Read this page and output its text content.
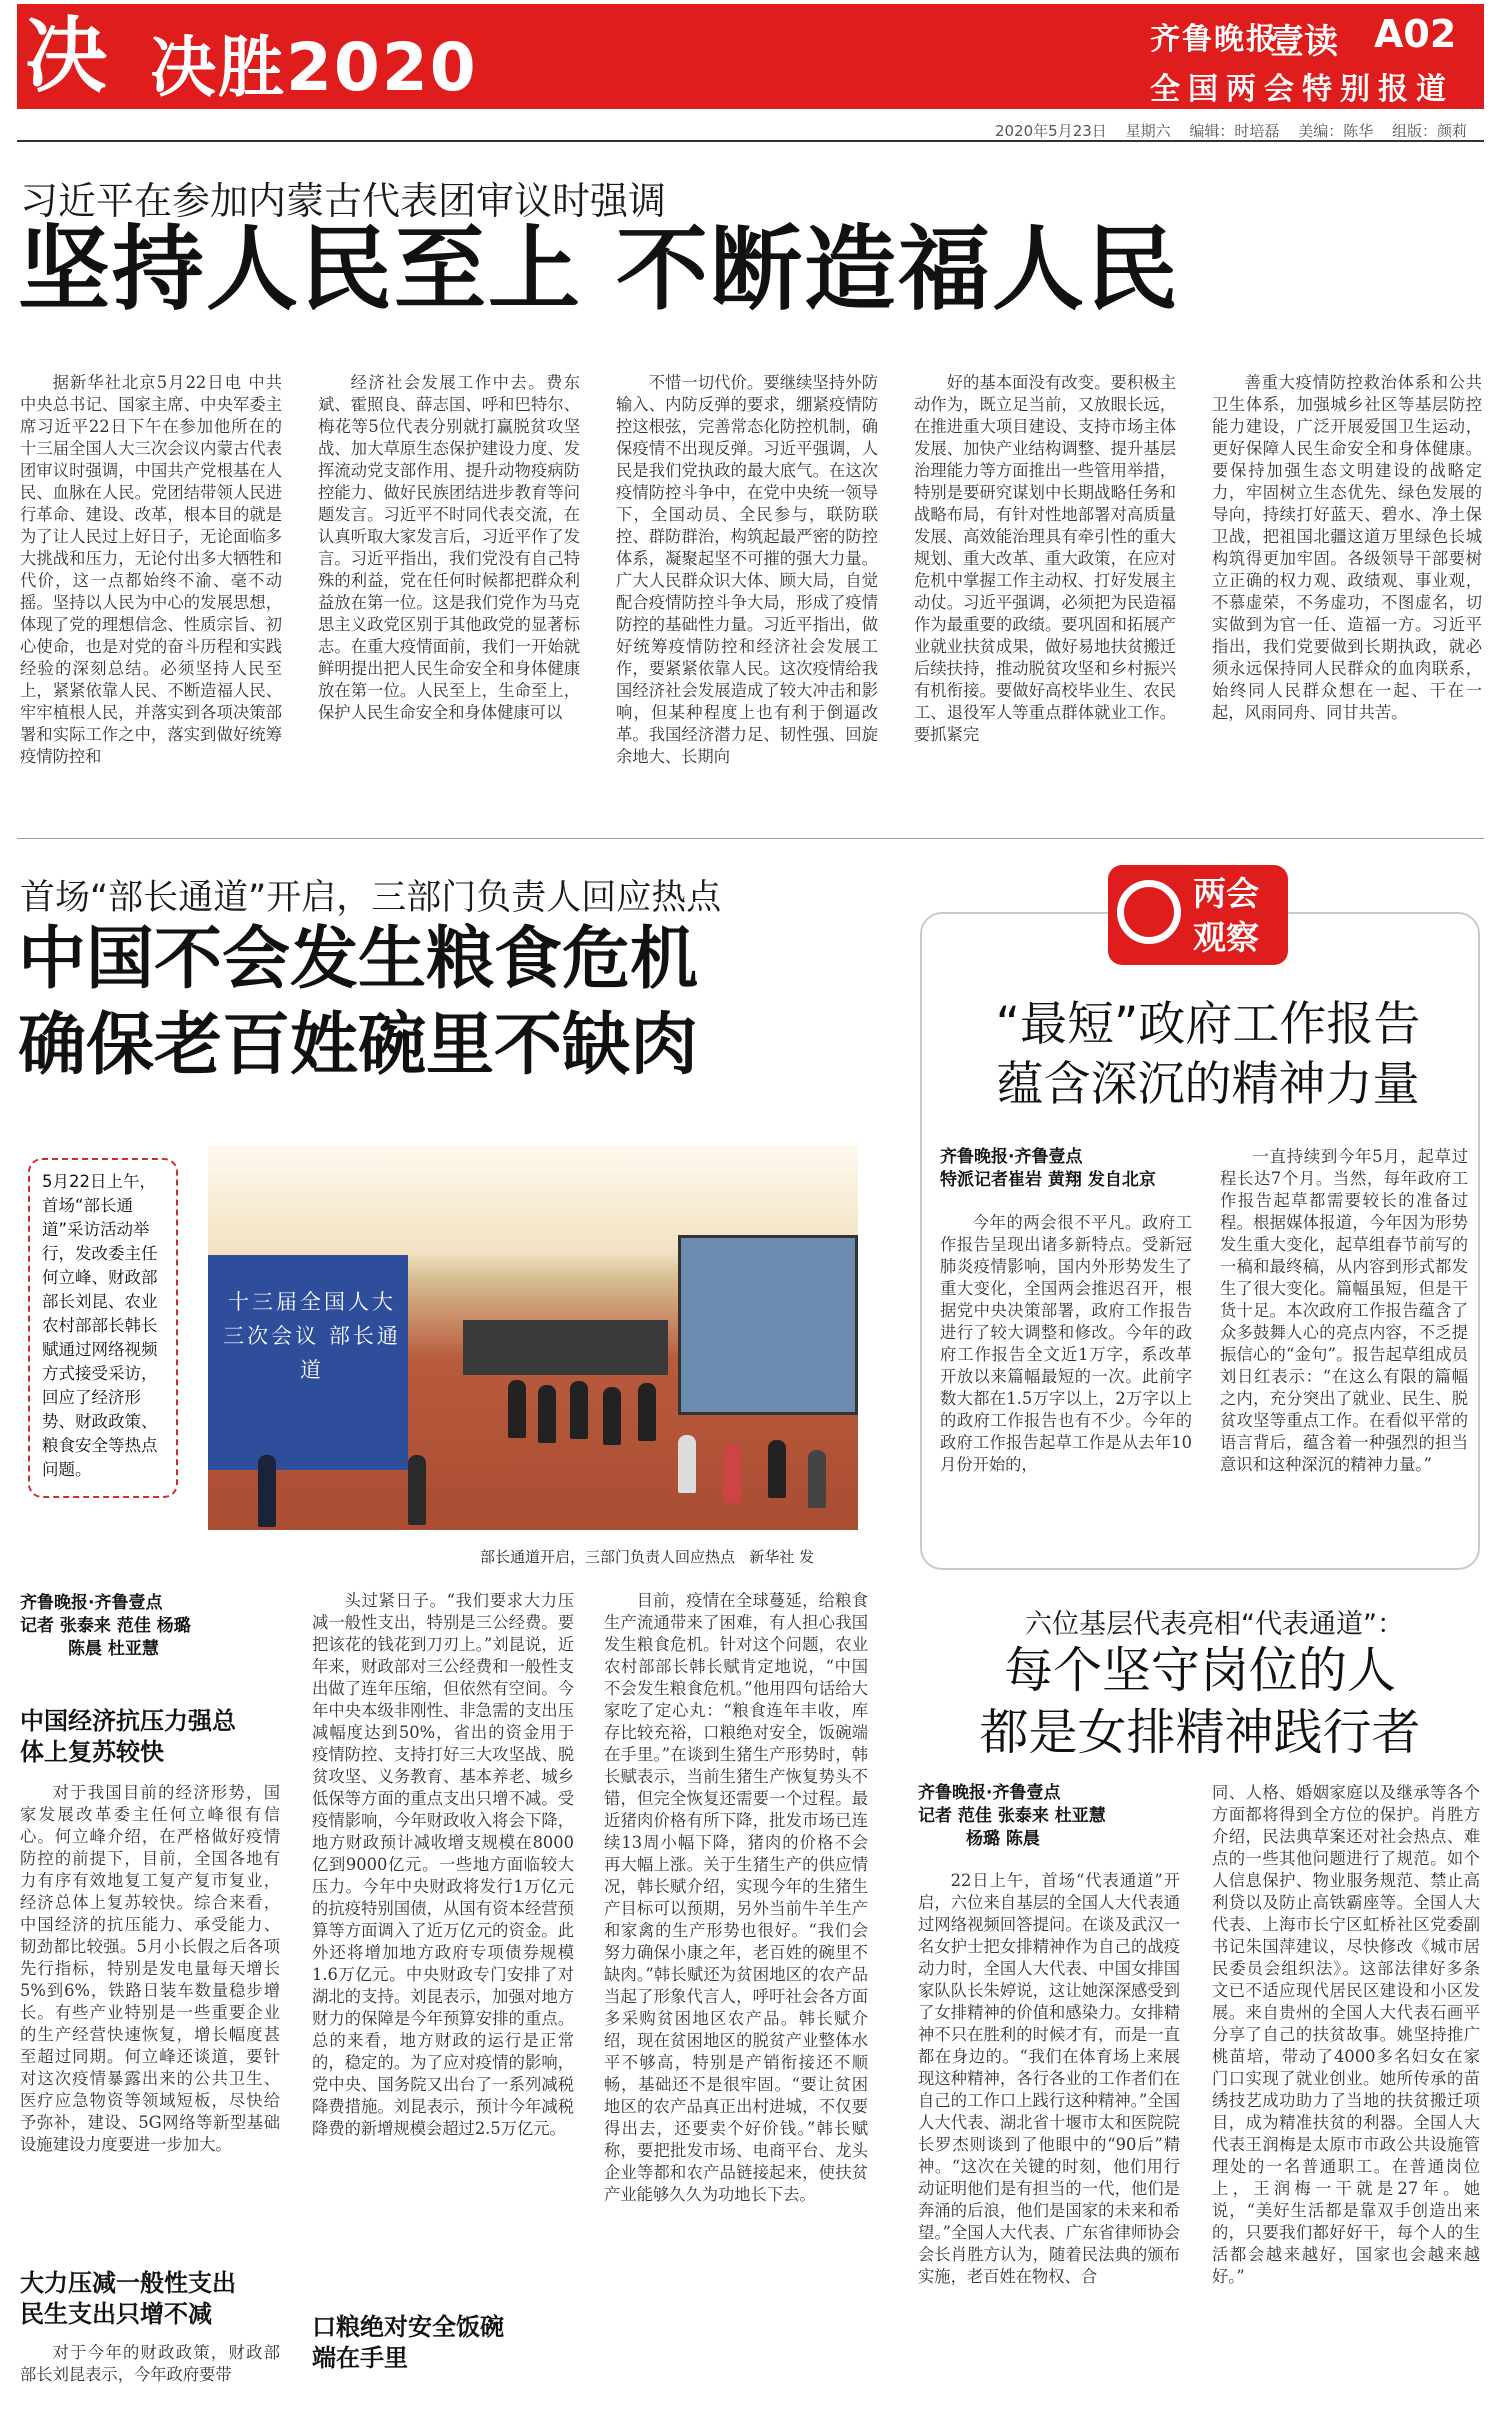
决 决胜2020	齐鲁晚报
壹读 A02
全国两会特别报道
2020年5月23日 星期六 编辑：时培磊 美编：陈华 组版：颜莉
习近平在参加内蒙古代表团审议时强调
坚持人民至上 不断造福人民

据新华社北京5月22日电 中共中央总书记、国家主席、中央军委主席习近平22日下午在参加他所在的十三届全国人大三次会议内蒙古代表团审议时强调，中国共产党根基在人民、血脉在人民。党团结带领人民进行革命、建设、改革，根本目的就是为了让人民过上好日子，无论面临多大挑战和压力，无论付出多大牺牲和代价，这一点都始终不渝、毫不动摇。坚持以人民为中心的发展思想，体现了党的理想信念、性质宗旨、初心使命，也是对党的奋斗历程和实践经验的深刻总结。必须坚持人民至上，紧紧依靠人民、不断造福人民、牢牢植根人民，并落实到各项决策部署和实际工作之中，落实到做好统筹疫情防控和

经济社会发展工作中去。费东斌、霍照良、薛志国、呼和巴特尔、梅花等5位代表分别就打赢脱贫攻坚战、加大草原生态保护建设力度、发挥流动党支部作用、提升动物疫病防控能力、做好民族团结进步教育等问题发言。习近平不时同代表交流，在认真听取大家发言后，习近平作了发言。习近平指出，我们党没有自己特殊的利益，党在任何时候都把群众利益放在第一位。这是我们党作为马克思主义政党区别于其他政党的显著标志。在重大疫情面前，我们一开始就鲜明提出把人民生命安全和身体健康放在第一位。人民至上，生命至上，保护人民生命安全和身体健康可以

不惜一切代价。要继续坚持外防输入、内防反弹的要求，绷紧疫情防控这根弦，完善常态化防控机制，确保疫情不出现反弹。习近平强调，人民是我们党执政的最大底气。在这次疫情防控斗争中，在党中央统一领导下，全国动员、全民参与，联防联控、群防群治，构筑起最严密的防控体系，凝聚起坚不可摧的强大力量。广大人民群众识大体、顾大局，自觉配合疫情防控斗争大局，形成了疫情防控的基础性力量。习近平指出，做好统筹疫情防控和经济社会发展工作，要紧紧依靠人民。这次疫情给我国经济社会发展造成了较大冲击和影响，但某种程度上也有利于倒逼改革。我国经济潜力足、韧性强、回旋余地大、长期向

好的基本面没有改变。要积极主动作为，既立足当前，又放眼长远，在推进重大项目建设、支持市场主体发展、加快产业结构调整、提升基层治理能力等方面推出一些管用举措，特别是要研究谋划中长期战略任务和战略布局，有针对性地部署对高质量发展、高效能治理具有牵引性的重大规划、重大改革、重大政策，在应对危机中掌握工作主动权、打好发展主动仗。习近平强调，必须把为民造福作为最重要的政绩。要巩固和拓展产业就业扶贫成果，做好易地扶贫搬迁后续扶持，推动脱贫攻坚和乡村振兴有机衔接。要做好高校毕业生、农民工、退役军人等重点群体就业工作。要抓紧完

善重大疫情防控救治体系和公共卫生体系，加强城乡社区等基层防控能力建设，广泛开展爱国卫生运动，更好保障人民生命安全和身体健康。要保持加强生态文明建设的战略定力，牢固树立生态优先、绿色发展的导向，持续打好蓝天、碧水、净土保卫战，把祖国北疆这道万里绿色长城构筑得更加牢固。各级领导干部要树立正确的权力观、政绩观、事业观，不慕虚荣，不务虚功，不图虚名，切实做到为官一任、造福一方。习近平指出，我们党要做到长期执政，就必须永远保持同人民群众的血肉联系，始终同人民群众想在一起、干在一起，风雨同舟、同甘共苦。

首场“部长通道”开启，三部门负责人回应热点
中国不会发生粮食危机
确保老百姓碗里不缺肉
5月22日上午，首场“部长通道”采访活动举行，发改委主任何立峰、财政部部长刘昆、农业农村部部长韩长赋通过网络视频方式接受采访，回应了经济形势、财政政策、粮食安全等热点问题。
十三届全国人大三次会议 部长通道
部长通道开启，三部门负责人回应热点 新华社 发
齐鲁晚报·齐鲁壹点
记者 张泰来 范佳 杨璐
陈晨 杜亚慧
中国经济抗压力强总体上复苏较快

对于我国目前的经济形势，国家发展改革委主任何立峰很有信心。何立峰介绍，在严格做好疫情防控的前提下，目前，全国各地有力有序有效地复工复产复市复业，经济总体上复苏较快。综合来看，中国经济的抗压能力、承受能力、韧劲都比较强。5月小长假之后各项先行指标，特别是发电量每天增长5%到6%，铁路日装车数量稳步增长。有些产业特别是一些重要企业的生产经营快速恢复，增长幅度甚至超过同期。何立峰还谈道，要针对这次疫情暴露出来的公共卫生、医疗应急物资等领域短板，尽快给予弥补，建设、5G网络等新型基础设施建设力度要进一步加大。

大力压减一般性支出民生支出只增不减

对于今年的财政政策，财政部部长刘昆表示，今年政府要带

头过紧日子。“我们要求大力压减一般性支出，特别是三公经费。要把该花的钱花到刀刃上。”刘昆说，近年来，财政部对三公经费和一般性支出做了连年压缩，但依然有空间。今年中央本级非刚性、非急需的支出压减幅度达到50%，省出的资金用于疫情防控、支持打好三大攻坚战、脱贫攻坚、义务教育、基本养老、城乡低保等方面的重点支出只增不减。受疫情影响，今年财政收入将会下降，地方财政预计减收增支规模在8000亿到9000亿元。一些地方面临较大压力。今年中央财政将发行1万亿元的抗疫特别国债，从国有资本经营预算等方面调入了近万亿元的资金。此外还将增加地方政府专项债券规模1.6万亿元。中央财政专门安排了对湖北的支持。刘昆表示，加强对地方财力的保障是今年预算安排的重点。总的来看，地方财政的运行是正常的，稳定的。为了应对疫情的影响，党中央、国务院又出台了一系列减税降费措施。刘昆表示，预计今年减税降费的新增规模会超过2.5万亿元。

口粮绝对安全饭碗端在手里

目前，疫情在全球蔓延，给粮食生产流通带来了困难，有人担心我国发生粮食危机。针对这个问题，农业农村部部长韩长赋肯定地说，“中国不会发生粮食危机。”他用四句话给大家吃了定心丸：“粮食连年丰收，库存比较充裕，口粮绝对安全，饭碗端在手里。”在谈到生猪生产形势时，韩长赋表示，当前生猪生产恢复势头不错，但完全恢复还需要一个过程。最近猪肉价格有所下降，批发市场已连续13周小幅下降，猪肉的价格不会再大幅上涨。关于生猪生产的供应情况，韩长赋介绍，实现今年的生猪生产目标可以预期，另外当前牛羊生产和家禽的生产形势也很好。“我们会努力确保小康之年，老百姓的碗里不缺肉。”韩长赋还为贫困地区的农产品当起了形象代言人，呼吁社会各方面多采购贫困地区农产品。韩长赋介绍，现在贫困地区的脱贫产业整体水平不够高，特别是产销衔接还不顺畅，基础还不是很牢固。“要让贫困地区的农产品真正出村进城，不仅要得出去，还要卖个好价钱。”韩长赋称，要把批发市场、电商平台、龙头企业等都和农产品链接起来，使扶贫产业能够久久为功地长下去。

两会
观察
“最短”政府工作报告
蕴含深沉的精神力量
齐鲁晚报·齐鲁壹点
特派记者崔岩 黄翔 发自北京

今年的两会很不平凡。政府工作报告呈现出诸多新特点。受新冠肺炎疫情影响，国内外形势发生了重大变化，全国两会推迟召开，根据党中央决策部署，政府工作报告进行了较大调整和修改。今年的政府工作报告全文近1万字，系改革开放以来篇幅最短的一次。此前字数大都在1.5万字以上，2万字以上的政府工作报告也有不少。今年的政府工作报告起草工作是从去年10月份开始的，

一直持续到今年5月，起草过程长达7个月。当然，每年政府工作报告起草都需要较长的准备过程。根据媒体报道，今年因为形势发生重大变化，起草组春节前写的一稿和最终稿，从内容到形式都发生了很大变化。篇幅虽短，但是干货十足。本次政府工作报告蕴含了众多鼓舞人心的亮点内容，不乏提振信心的“金句”。报告起草组成员刘日红表示：“在这么有限的篇幅之内，充分突出了就业、民生、脱贫攻坚等重点工作。在看似平常的语言背后，蕴含着一种强烈的担当意识和这种深沉的精神力量。”

六位基层代表亮相“代表通道”：
每个坚守岗位的人
都是女排精神践行者
齐鲁晚报·齐鲁壹点
记者 范佳 张泰来 杜亚慧
杨璐 陈晨

22日上午，首场“代表通道”开启，六位来自基层的全国人大代表通过网络视频回答提问。在谈及武汉一名女护士把女排精神作为自己的战疫动力时，全国人大代表、中国女排国家队队长朱婷说，这让她深深感受到了女排精神的价值和感染力。女排精神不只在胜利的时候才有，而是一直都在身边的。“我们在体育场上来展现这种精神，各行各业的工作者们在自己的工作口上践行这种精神。”全国人大代表、湖北省十堰市太和医院院长罗杰则谈到了他眼中的“90后”精神。“这次在关键的时刻，他们用行动证明他们是有担当的一代，他们是奔涌的后浪，他们是国家的未来和希望。”全国人大代表、广东省律师协会会长肖胜方认为，随着民法典的颁布实施，老百姓在物权、合

同、人格、婚姻家庭以及继承等各个方面都将得到全方位的保护。肖胜方介绍，民法典草案还对社会热点、难点的一些其他问题进行了规范。如个人信息保护、物业服务规范、禁止高利贷以及防止高铁霸座等。全国人大代表、上海市长宁区虹桥社区党委副书记朱国萍建议，尽快修改《城市居民委员会组织法》。这部法律好多条文已不适应现代居民区建设和小区发展。来自贵州的全国人大代表石画平分享了自己的扶贫故事。姚坚持推广桃苗培，带动了4000多名妇女在家门口实现了就业创业。她所传承的苗绣技艺成功助力了当地的扶贫搬迁项目，成为精准扶贫的利器。全国人大代表王润梅是太原市市政公共设施管理处的一名普通职工。在普通岗位上，王润梅一干就是27年。她说，“美好生活都是靠双手创造出来的，只要我们都好好干，每个人的生活都会越来越好，国家也会越来越好。”
